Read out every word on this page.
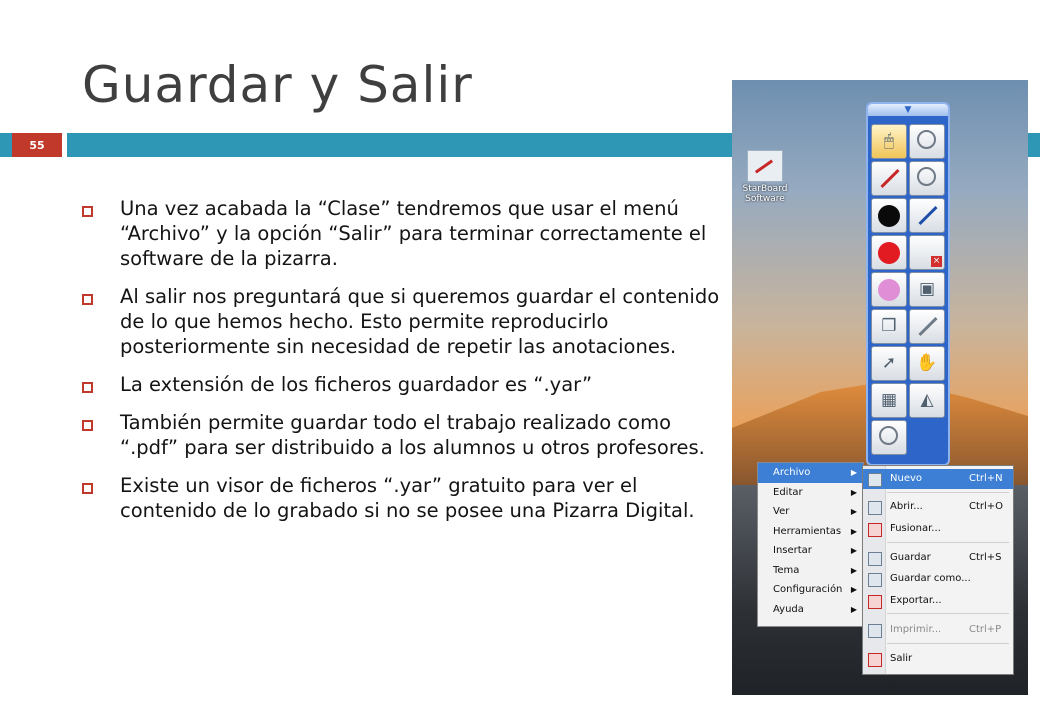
Guardar y Salir
55
Una vez acabada la “Clase” tendremos que usar el menú “Archivo” y la opción “Salir” para terminar correctamente el software de la pizarra.
Al salir nos preguntará que si queremos guardar el contenido de lo que hemos hecho. Esto permite reproducirlo posteriormente sin necesidad de repetir las anotaciones.
La extensión de los ficheros guardador es “.yar”
También permite guardar todo el trabajo realizado como “.pdf” para ser distribuido a los alumnos u otros profesores.
Existe un visor de ficheros “.yar” gratuito para ver el contenido de lo grabado si no se posee una Pizarra Digital.
StarBoard Software
▼
🖱
×
▣
❒
➚	✋
▦	◭
Archivo	▶
Editar	▶
Ver	▶
Herramientas ▶
Insertar	▶
Tema	▶
Configuración ▶
Ayuda	▶
Nuevo	Ctrl+N
Abrir...	Ctrl+O
Fusionar...
Guardar	Ctrl+S
Guardar como...
Exportar...
Imprimir...	Ctrl+P
Salir
